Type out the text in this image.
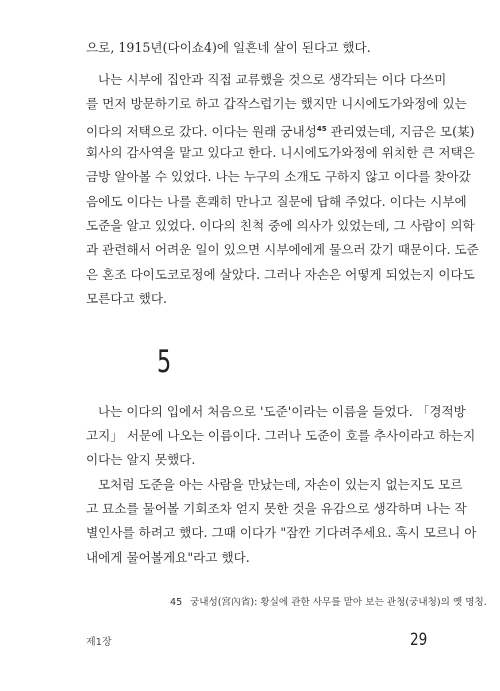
으로, 1915년(다이쇼4)에 일흔네 살이 된다고 했다.
나는 시부에 집안과 직접 교류했을 것으로 생각되는 이다 다쓰미
를 먼저 방문하기로 하고 갑작스럽기는 했지만 니시에도가와정에 있는
이다의 저택으로 갔다. 이다는 원래 궁내성$^{45}$ 관리였는데, 지금은 모(某)
회사의 감사역을 맡고 있다고 한다. 니시에도가와정에 위치한 큰 저택은
금방 알아볼 수 있었다. 나는 누구의 소개도 구하지 않고 이다를 찾아갔
음에도 이다는 나를 흔쾌히 만나고 질문에 답해 주었다. 이다는 시부에
도준을 알고 있었다. 이다의 친척 중에 의사가 있었는데, 그 사람이 의학
과 관련해서 어려운 일이 있으면 시부에에게 물으러 갔기 때문이다. 도준
은 혼조 다이도코로정에 살았다. 그러나 자손은 어떻게 되었는지 이다도
모른다고 했다.
5
나는 이다의 입에서 처음으로 '도준'이라는 이름을 들었다. 「경적방
고지」 서문에 나오는 이름이다. 그러나 도준이 호를 추사이라고 하는지
이다는 알지 못했다.
모처럼 도준을 아는 사람을 만났는데, 자손이 있는지 없는지도 모르
고 묘소를 물어볼 기회조차 얻지 못한 것을 유감으로 생각하며 나는 작
별인사를 하려고 했다. 그때 이다가 "잠깐 기다려주세요. 혹시 모르니 아
내에게 물어볼게요"라고 했다.
45 궁내성(宮內省): 황실에 관한 사무를 맡아 보는 관청(궁내청)의 옛 명칭.
제1장	29
